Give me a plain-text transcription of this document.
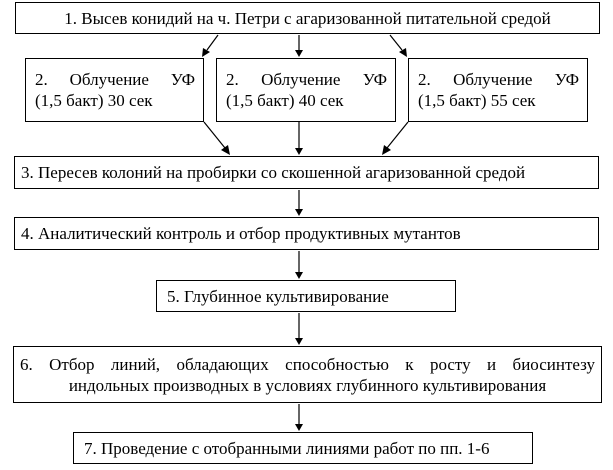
1. Высев конидий на ч. Петри с агаризованной питательной средой
2.   Облучение   УФ
(1,5 бакт) 30 сек
2.   Облучение   УФ
(1,5 бакт) 40 сек
2.   Облучение   УФ
(1,5 бакт) 55 сек
3. Пересев колоний на пробирки со скошенной агаризованной средой
4. Аналитический контроль и отбор продуктивных мутантов
5. Глубинное культивирование
6.  Отбор  линий,  обладающих  способностью  к  росту  и  биосинтезу
индольных производных в условиях глубинного культивирования
7. Проведение с отобранными линиями работ по пп. 1-6
